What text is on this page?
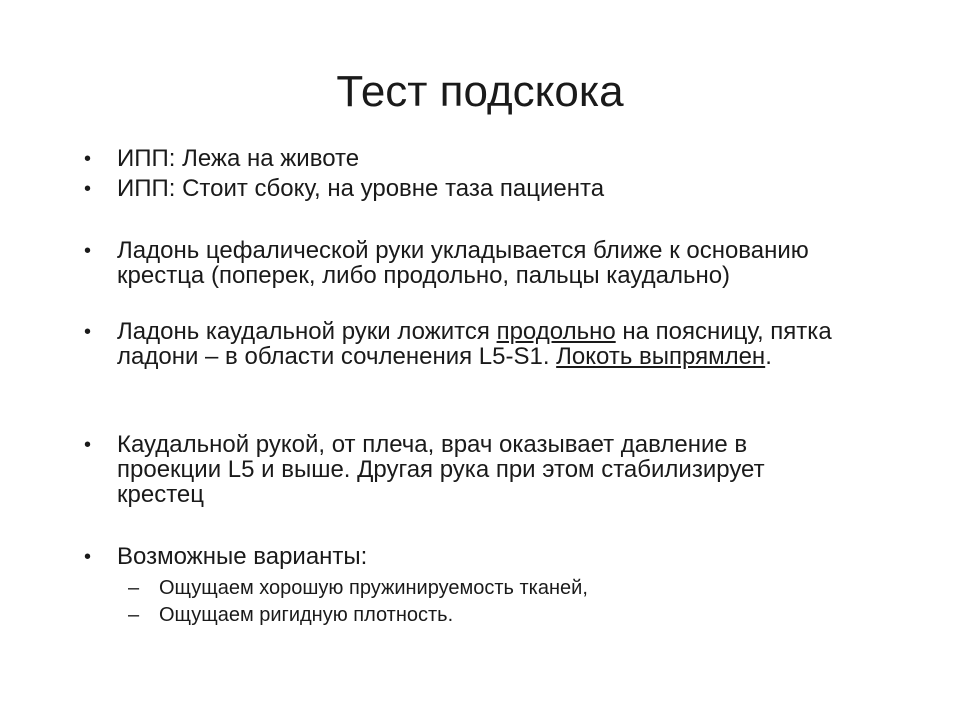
Тест подскока
• ИПП: Лежа на животе
• ИПП: Стоит сбоку, на уровне таза пациента
• Ладонь цефалической руки укладывается ближе к основанию крестца (поперек, либо продольно, пальцы каудально)
• Ладонь каудальной руки ложится продольно на поясницу, пятка ладони – в области сочленения L5-S1. Локоть выпрямлен.
• Каудальной рукой, от плеча, врач оказывает давление в проекции L5 и выше. Другая рука при этом стабилизирует крестец
• Возможные варианты:
– Ощущаем хорошую пружинируемость тканей,
– Ощущаем ригидную плотность.
